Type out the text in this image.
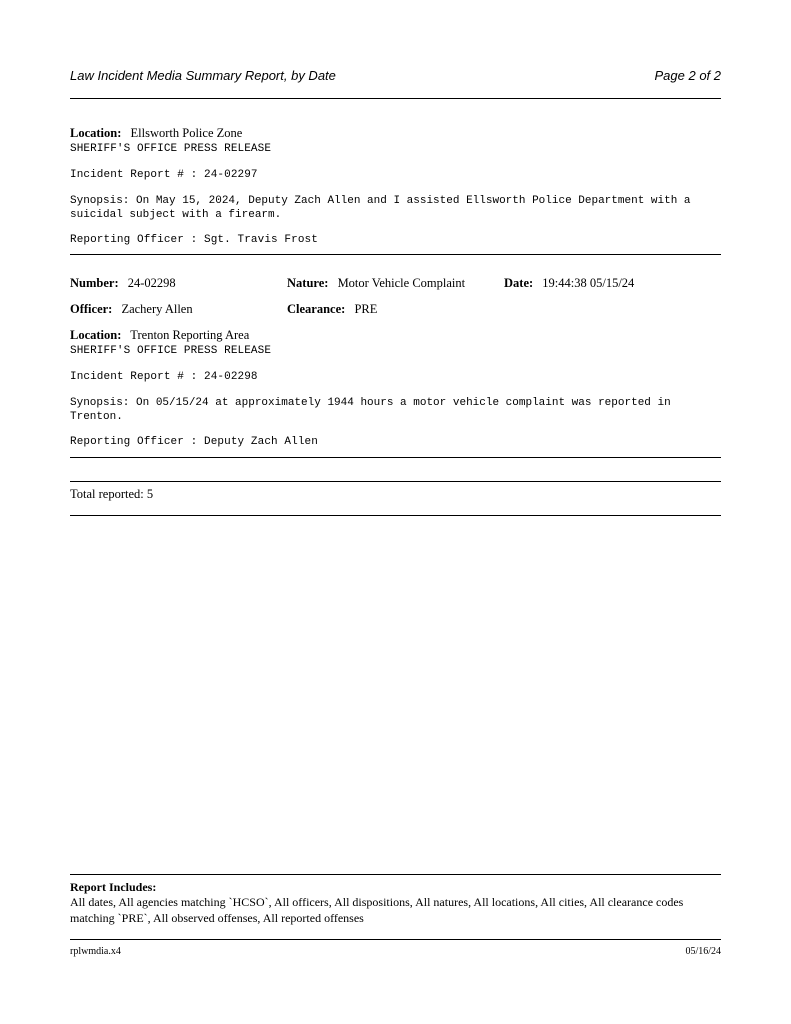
Law Incident Media Summary Report, by Date	Page 2 of 2
Location: Ellsworth Police Zone
SHERIFF'S OFFICE PRESS RELEASE
Incident Report # : 24-02297
Synopsis: On May 15, 2024, Deputy Zach Allen and I assisted Ellsworth Police Department with a suicidal subject with a firearm.
Reporting Officer : Sgt. Travis Frost
Number: 24-02298	Nature: Motor Vehicle Complaint	Date: 19:44:38 05/15/24
Officer: Zachery Allen	Clearance: PRE
Location: Trenton Reporting Area
SHERIFF'S OFFICE PRESS RELEASE
Incident Report # : 24-02298
Synopsis: On 05/15/24 at approximately 1944 hours a motor vehicle complaint was reported in Trenton.
Reporting Officer : Deputy Zach Allen
Total reported: 5
Report Includes:
All dates, All agencies matching `HCSO`, All officers, All dispositions, All natures, All locations, All cities, All clearance codes matching `PRE`, All observed offenses, All reported offenses
rplwmdia.x4	05/16/24
